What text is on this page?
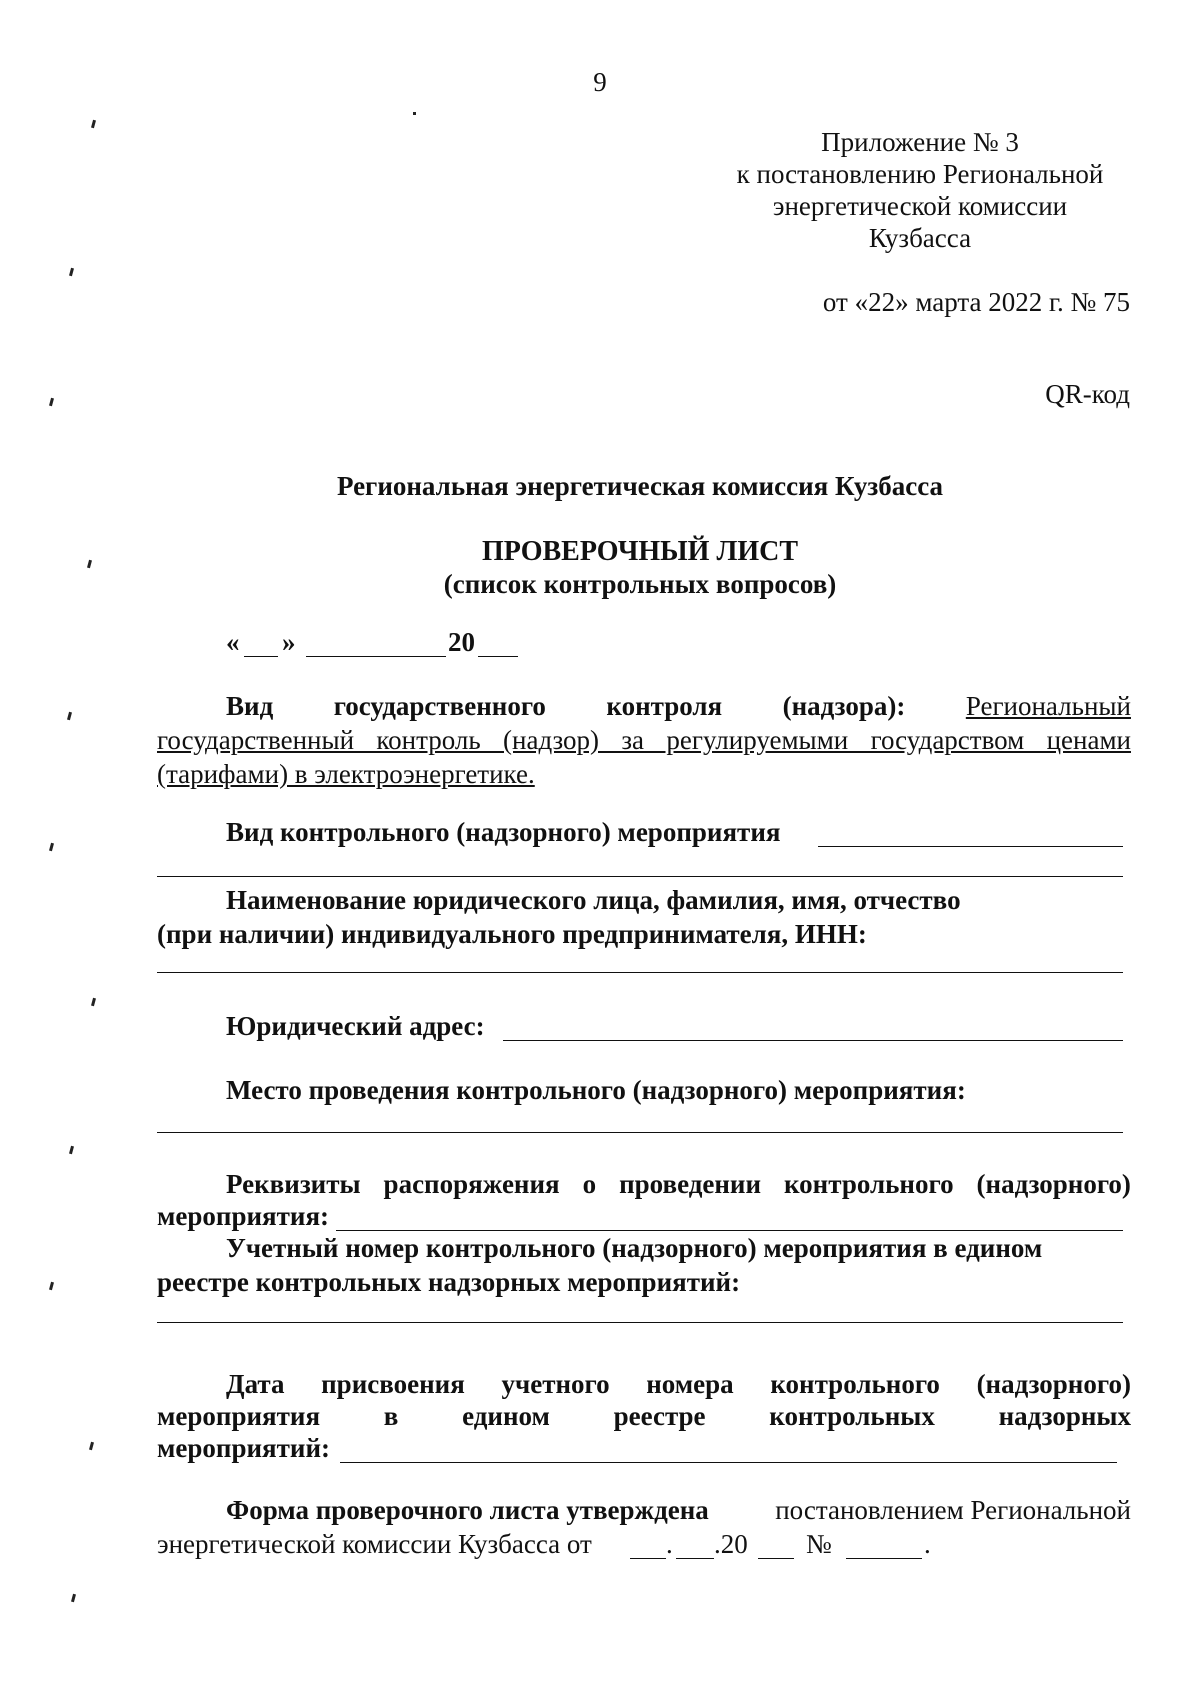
9
Приложение № 3
к постановлению Региональной
энергетической комиссии
Кузбасса
от «22» марта 2022 г. № 75
QR-код
Региональная энергетическая комиссия Кузбасса
ПРОВЕРОЧНЫЙ ЛИСТ
(список контрольных вопросов)
« »	20
Вид государственного контроля (надзора): Региональный
государственный контроль (надзор) за регулируемыми государством ценами
(тарифами) в электроэнергетике.
Вид контрольного (надзорного) мероприятия
Наименование юридического лица, фамилия, имя, отчество
(при наличии) индивидуального предпринимателя, ИНН:
Юридический адрес:
Место проведения контрольного (надзорного) мероприятия:
Реквизиты распоряжения о проведении контрольного (надзорного)
мероприятия:
Учетный номер контрольного (надзорного) мероприятия в едином
реестре контрольных надзорных мероприятий:
Дата присвоения учетного номера контрольного (надзорного)
мероприятия в едином реестре контрольных надзорных
мероприятий:
Форма проверочного листа утверждена постановлением Региональной
энергетической комиссии Кузбасса от	. .20 №	.
